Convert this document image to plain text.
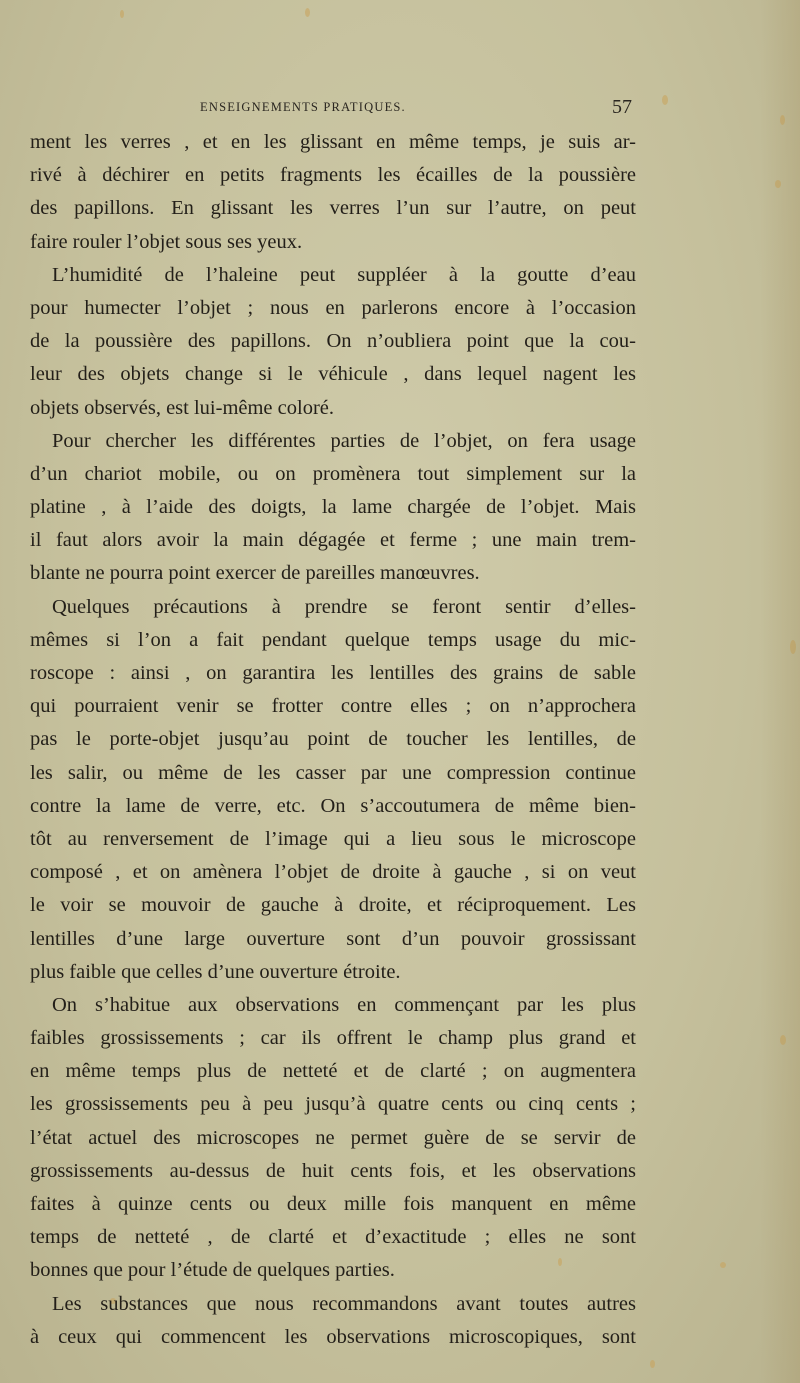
ENSEIGNEMENTS PRATIQUES.	57
ment les verres , et en les glissant en même temps, je suis ar-
rivé à déchirer en petits fragments les écailles de la poussière
des papillons. En glissant les verres l’un sur l’autre, on peut
faire rouler l’objet sous ses yeux.
L’humidité de l’haleine peut suppléer à la goutte d’eau
pour humecter l’objet ; nous en parlerons encore à l’occasion
de la poussière des papillons. On n’oubliera point que la cou-
leur des objets change si le véhicule , dans lequel nagent les
objets observés, est lui-même coloré.
Pour chercher les différentes parties de l’objet, on fera usage
d’un chariot mobile, ou on promènera tout simplement sur la
platine , à l’aide des doigts, la lame chargée de l’objet. Mais
il faut alors avoir la main dégagée et ferme ; une main trem-
blante ne pourra point exercer de pareilles manœuvres.
Quelques précautions à prendre se feront sentir d’elles-
mêmes si l’on a fait pendant quelque temps usage du mic-
roscope : ainsi , on garantira les lentilles des grains de sable
qui pourraient venir se frotter contre elles ; on n’approchera
pas le porte-objet jusqu’au point de toucher les lentilles, de
les salir, ou même de les casser par une compression continue
contre la lame de verre, etc. On s’accoutumera de même bien-
tôt au renversement de l’image qui a lieu sous le microscope
composé , et on amènera l’objet de droite à gauche , si on veut
le voir se mouvoir de gauche à droite, et réciproquement. Les
lentilles d’une large ouverture sont d’un pouvoir grossissant
plus faible que celles d’une ouverture étroite.
On s’habitue aux observations en commençant par les plus
faibles grossissements ; car ils offrent le champ plus grand et
en même temps plus de netteté et de clarté ; on augmentera
les grossissements peu à peu jusqu’à quatre cents ou cinq cents ;
l’état actuel des microscopes ne permet guère de se servir de
grossissements au-dessus de huit cents fois, et les observations
faites à quinze cents ou deux mille fois manquent en même
temps de netteté , de clarté et d’exactitude ; elles ne sont
bonnes que pour l’étude de quelques parties.
Les substances que nous recommandons avant toutes autres
à ceux qui commencent les observations microscopiques, sont
